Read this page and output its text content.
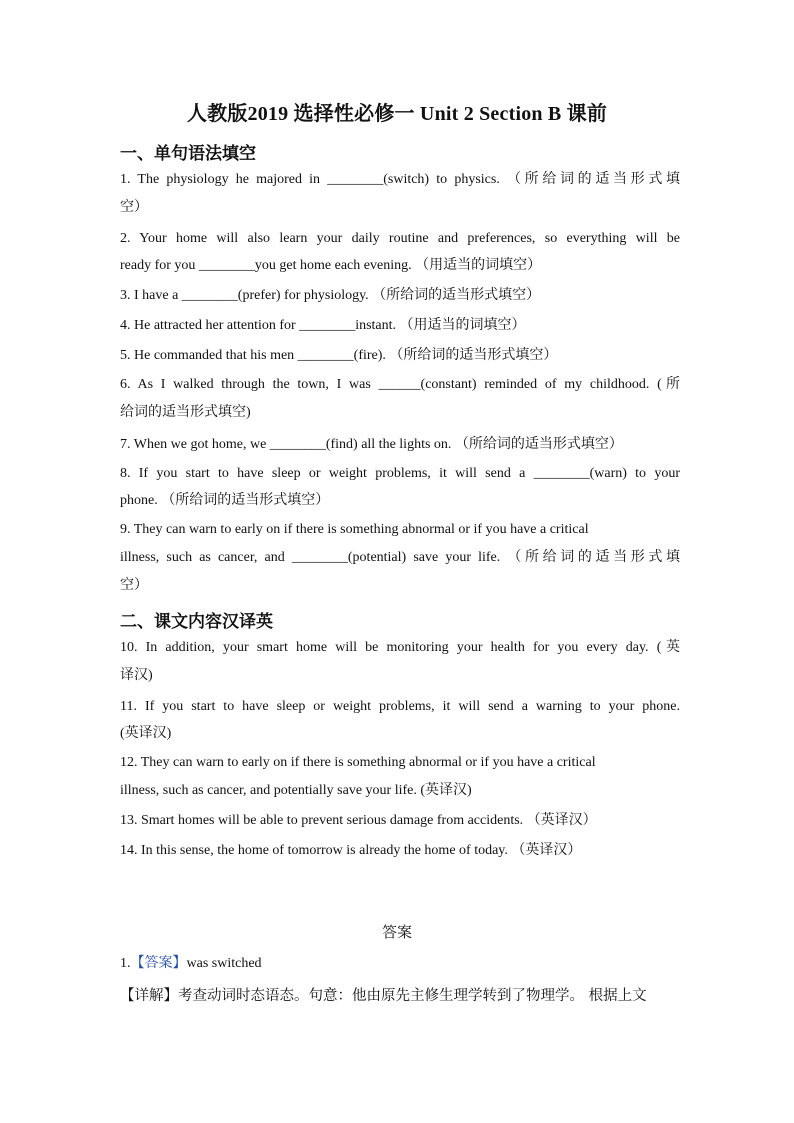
人教版2019 选择性必修一 Unit 2 Section B 课前
一、单句语法填空
1. The physiology he majored in ________(switch) to physics. （所给词的适当形式填
空）
2. Your home will also learn your daily routine and preferences, so everything will be
ready for you ________you get home each evening. （用适当的词填空）
3. I have a ________(prefer) for physiology. （所给词的适当形式填空）
4. He attracted her attention for ________instant. （用适当的词填空）
5. He commanded that his men ________(fire). （所给词的适当形式填空）
6. As I walked through the town, I was ______(constant) reminded of my childhood. (所
给词的适当形式填空)
7. When we got home, we ________(find) all the lights on. （所给词的适当形式填空）
8. If you start to have sleep or weight problems, it will send a ________(warn) to your
phone. （所给词的适当形式填空）
9. They can warn to early on if there is something abnormal or if you have a critical
illness, such as cancer, and ________(potential) save your life. （所给词的适当形式填
空）
二、课文内容汉译英
10. In addition, your smart home will be monitoring your health for you every day. (英
译汉)
11. If you start to have sleep or weight problems, it will send a warning to your phone.
(英译汉)
12. They can warn to early on if there is something abnormal or if you have a critical
illness, such as cancer, and potentially save your life. (英译汉)
13. Smart homes will be able to prevent serious damage from accidents. （英译汉）
14. In this sense, the home of tomorrow is already the home of today. （英译汉）
答案
1.【答案】was switched
【详解】考查动词时态语态。句意：他由原先主修生理学转到了物理学。 根据上文
